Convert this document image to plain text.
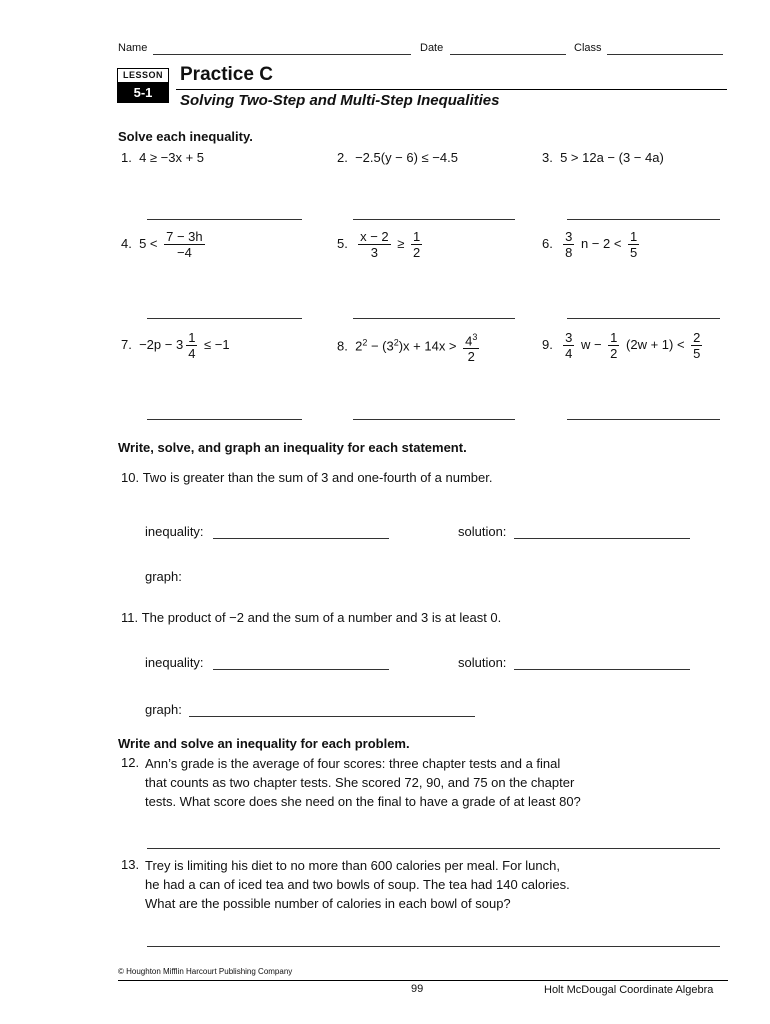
Name	Date	Class
LESSON
5-1
Practice C
Solving Two-Step and Multi-Step Inequalities
Solve each inequality.
1. 4 ≥ −3x + 5	2. −2.5(y − 6) ≤ −4.5	3. 5 > 12a − (3 − 4a)
4. $5 < \frac{7 - 3h}{-4}$	5. $\frac{x - 2}{3} \ge \frac{1}{2}$	6. $\frac{3}{8}$ $n - 2 < \frac{1}{5}$
7. $-2p - 3 \frac{1}{4} \le -1$	8. $2^2 - (3^2)x + 14x > \frac{4^3}{2}$	9. $\frac{3}{4}$ $w - \frac{1}{2} (2w + 1) < \frac{2}{5}$
Write, solve, and graph an inequality for each statement.
10. Two is greater than the sum of 3 and one-fourth of a number.
inequality:	solution:
graph:
11. The product of −2 and the sum of a number and 3 is at least 0.
inequality:	solution:
graph:
Write and solve an inequality for each problem.
12. Ann’s grade is the average of four scores: three chapter tests and a final
that counts as two chapter tests. She scored 72, 90, and 75 on the chapter
tests. What score does she need on the final to have a grade of at least 80?
13. Trey is limiting his diet to no more than 600 calories per meal. For lunch,
he had a can of iced tea and two bowls of soup. The tea had 140 calories.
What are the possible number of calories in each bowl of soup?
© Houghton Mifflin Harcourt Publishing Company
99	Holt McDougal Coordinate Algebra
